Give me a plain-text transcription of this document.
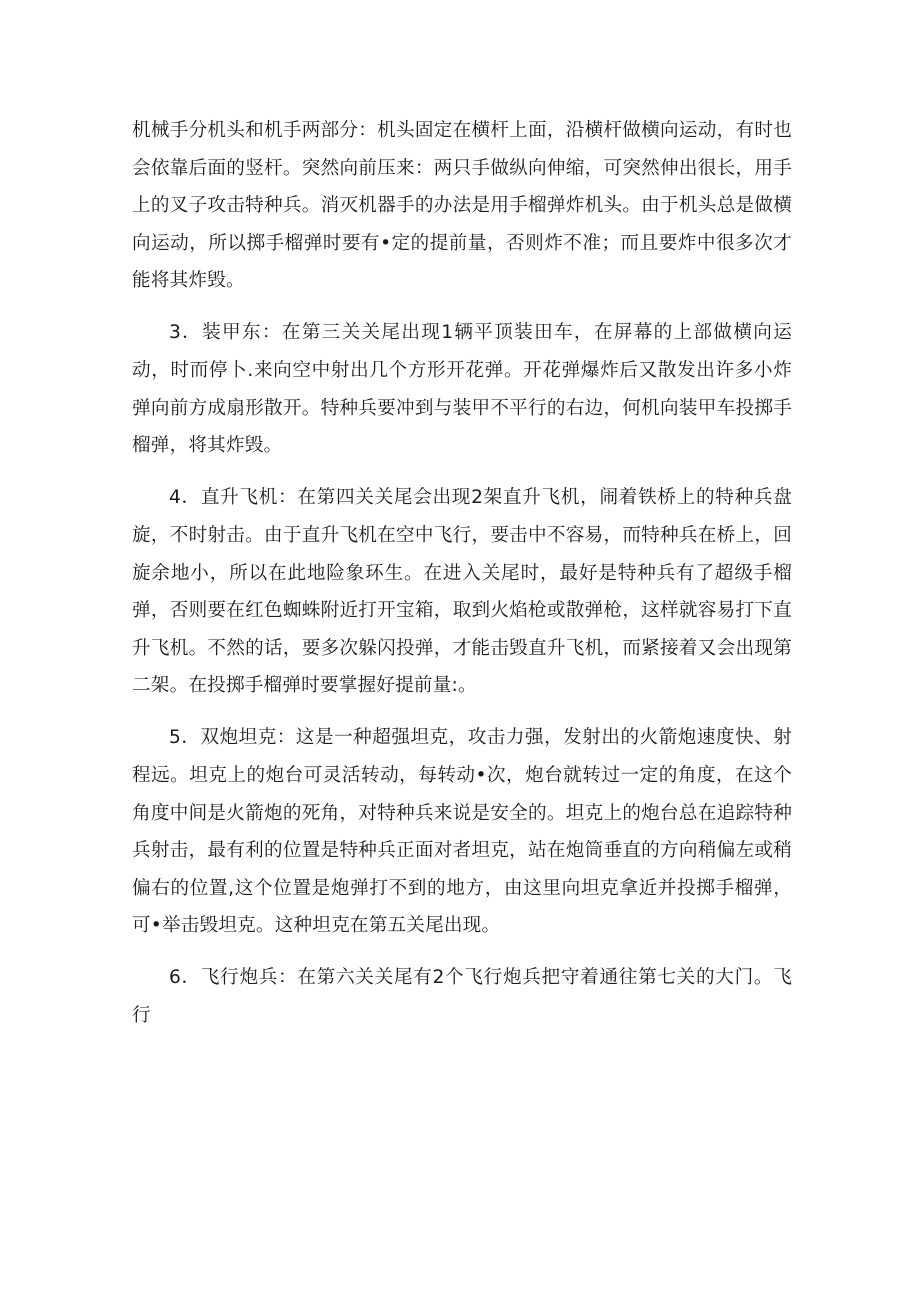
机械手分机头和机手两部分：机头固定在横杆上面，沿横杆做横向运动，有时也会依靠后面的竖杆。突然向前压来：两只手做纵向伸缩，可突然伸出很长，用手上的叉子攻击特种兵。消灭机器手的办法是用手榴弹炸机头。由于机头总是做横向运动，所以掷手榴弹时要有•定的提前量，否则炸不准；而且要炸中很多次才能将其炸毁。

3．装甲东：在第三关关尾出现1辆平顶装田车，在屏幕的上部做横向运动，时而停卜.来向空中射出几个方形开花弹。开花弹爆炸后又散发出许多小炸弹向前方成扇形散开。特种兵要冲到与装甲不平行的右边，何机向装甲车投掷手榴弹，将其炸毁。

4．直升飞机：在第四关关尾会出现2架直升飞机，闹着铁桥上的特种兵盘旋，不时射击。由于直升飞机在空中飞行，要击中不容易，而特种兵在桥上，回旋余地小，所以在此地险象环生。在进入关尾时，最好是特种兵有了超级手榴弹，否则要在红色蜘蛛附近打开宝箱，取到火焰枪或散弹枪，这样就容易打下直升飞机。不然的话，要多次躲闪投弹，才能击毁直升飞机，而紧接着又会出现第二架。在投掷手榴弹时要掌握好提前量:。

5．双炮坦克：这是一种超强坦克，攻击力强，发射出的火箭炮速度快、射程远。坦克上的炮台可灵活转动，每转动•次，炮台就转过一定的角度，在这个角度中间是火箭炮的死角，对特种兵来说是安全的。坦克上的炮台总在追踪特种兵射击，最有利的位置是特种兵正面对者坦克，站在炮筒垂直的方向稍偏左或稍偏右的位置,这个位置是炮弹打不到的地方，由这里向坦克拿近并投掷手榴弹，可•举击毁坦克。这种坦克在第五关尾出现。

6．飞行炮兵：在第六关关尾有2个飞行炮兵把守着通往第七关的大门。飞行
